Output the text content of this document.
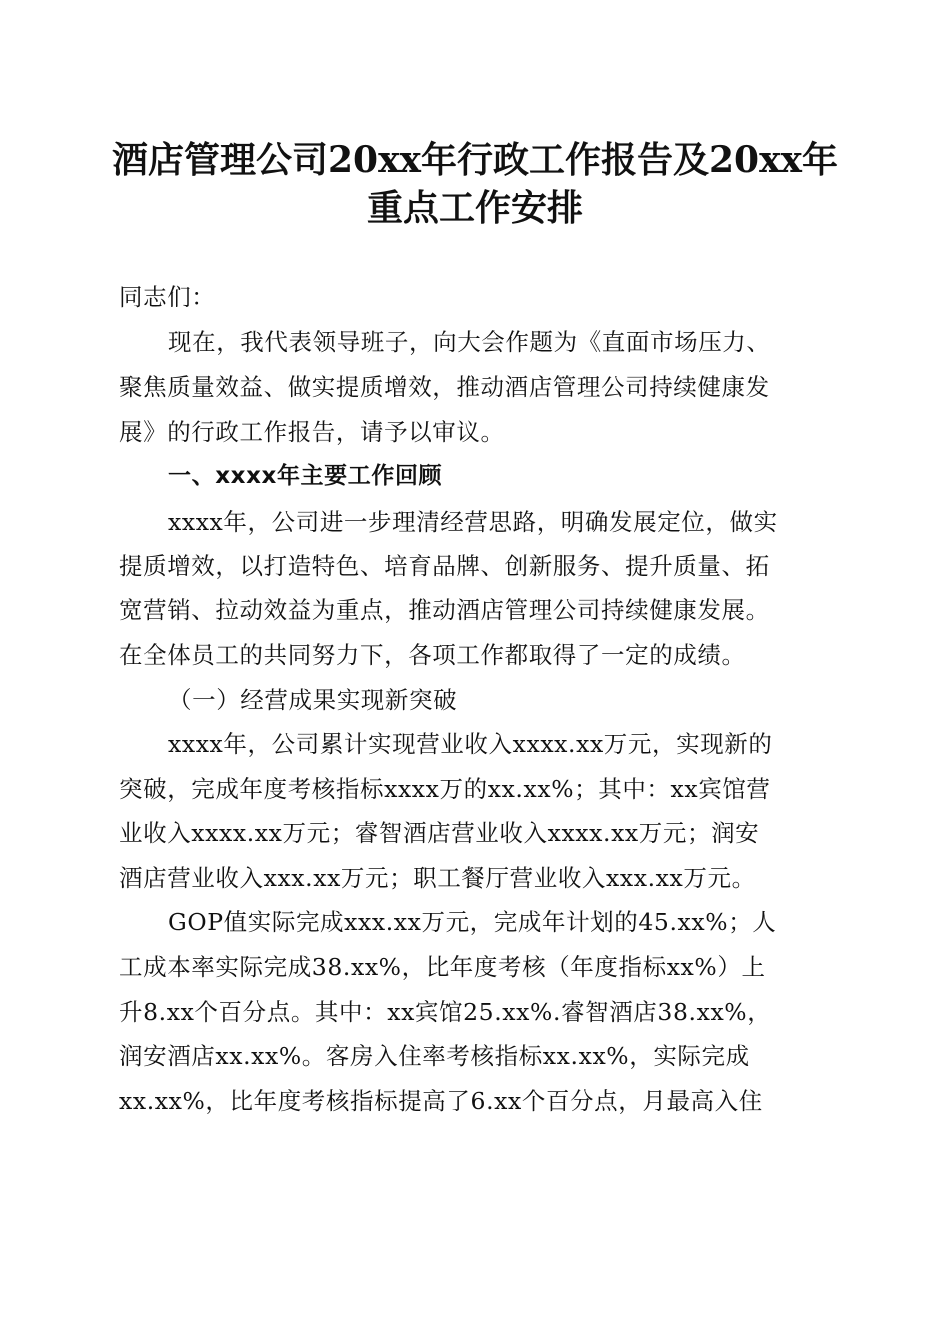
酒店管理公司20xx年行政工作报告及20xx年
重点工作安排

同志们：

现在，我代表领导班子，向大会作题为《直面市场压力、

聚焦质量效益、做实提质增效，推动酒店管理公司持续健康发

展》的行政工作报告，请予以审议。

一、xxxx年主要工作回顾

xxxx年，公司进一步理清经营思路，明确发展定位，做实

提质增效，以打造特色、培育品牌、创新服务、提升质量、拓

宽营销、拉动效益为重点，推动酒店管理公司持续健康发展。

在全体员工的共同努力下，各项工作都取得了一定的成绩。

（一）经营成果实现新突破

xxxx年，公司累计实现营业收入xxxx.xx万元，实现新的

突破，完成年度考核指标xxxx万的xx.xx%；其中：xx宾馆营

业收入xxxx.xx万元；睿智酒店营业收入xxxx.xx万元；润安

酒店营业收入xxx.xx万元；职工餐厅营业收入xxx.xx万元。

GOP值实际完成xxx.xx万元，完成年计划的45.xx%；人

工成本率实际完成38.xx%，比年度考核（年度指标xx%）上

升8.xx个百分点。其中：xx宾馆25.xx%.睿智酒店38.xx%，

润安酒店xx.xx%。客房入住率考核指标xx.xx%，实际完成

xx.xx%，比年度考核指标提高了6.xx个百分点，月最高入住
